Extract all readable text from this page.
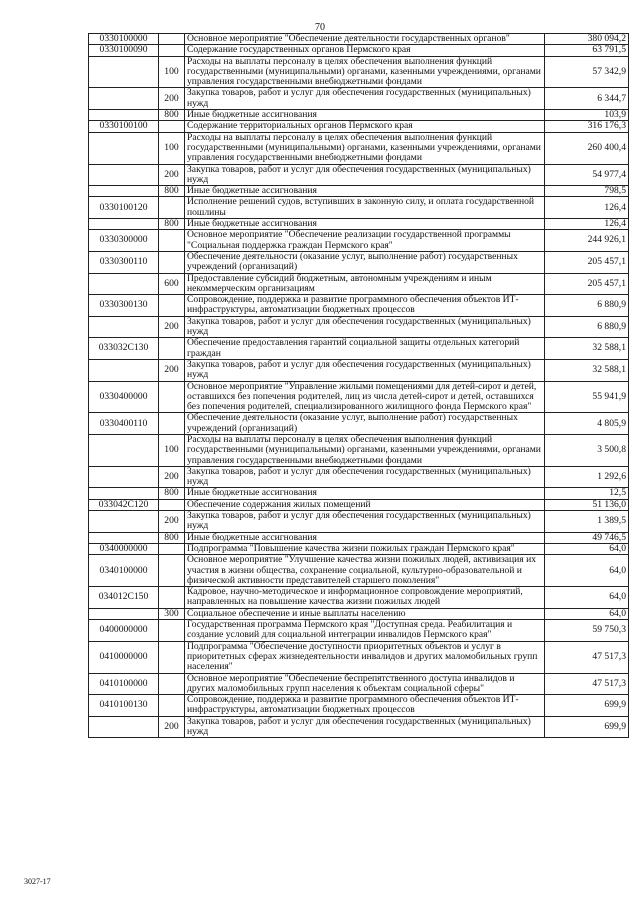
70
0330100000		Основное мероприятие "Обеспечение деятельности государственных органов"	380 094,2
0330100090		Содержание государственных органов Пермского края	63 791,5
	100	Расходы на выплаты персоналу в целях обеспечения выполнения функций государственными (муниципальными) органами, казенными учреждениями, органами управления государственными внебюджетными фондами	57 342,9
	200	Закупка товаров, работ и услуг для обеспечения государственных (муниципальных) нужд	6 344,7
	800	Иные бюджетные ассигнования	103,9
0330100100		Содержание территориальных органов Пермского края	316 176,3
	100	Расходы на выплаты персоналу в целях обеспечения выполнения функций государственными (муниципальными) органами, казенными учреждениями, органами управления государственными внебюджетными фондами	260 400,4
	200	Закупка товаров, работ и услуг для обеспечения государственных (муниципальных) нужд	54 977,4
	800	Иные бюджетные ассигнования	798,5
0330100120		Исполнение решений судов, вступивших в законную силу, и оплата государственной пошлины	126,4
	800	Иные бюджетные ассигнования	126,4
0330300000		Основное мероприятие "Обеспечение реализации государственной программы "Социальная поддержка граждан Пермского края"	244 926,1
0330300110		Обеспечение деятельности (оказание услуг, выполнение работ) государственных учреждений (организаций)	205 457,1
	600	Предоставление субсидий бюджетным, автономным учреждениям и иным некоммерческим организациям	205 457,1
0330300130		Сопровождение, поддержка и развитие программного обеспечения объектов ИТ-инфраструктуры, автоматизации бюджетных процессов	6 880,9
	200	Закупка товаров, работ и услуг для обеспечения государственных (муниципальных) нужд	6 880,9
033032С130		Обеспечение предоставления гарантий социальной защиты отдельных категорий граждан	32 588,1
	200	Закупка товаров, работ и услуг для обеспечения государственных (муниципальных) нужд	32 588,1
0330400000		Основное мероприятие "Управление жилыми помещениями для детей-сирот и детей, оставшихся без попечения родителей, лиц из числа детей-сирот и детей, оставшихся без попечения родителей, специализированного жилищного фонда Пермского края"	55 941,9
0330400110		Обеспечение деятельности (оказание услуг, выполнение работ) государственных учреждений (организаций)	4 805,9
	100	Расходы на выплаты персоналу в целях обеспечения выполнения функций государственными (муниципальными) органами, казенными учреждениями, органами управления государственными внебюджетными фондами	3 500,8
	200	Закупка товаров, работ и услуг для обеспечения государственных (муниципальных) нужд	1 292,6
	800	Иные бюджетные ассигнования	12,5
033042С120		Обеспечение содержания жилых помещений	51 136,0
	200	Закупка товаров, работ и услуг для обеспечения государственных (муниципальных) нужд	1 389,5
	800	Иные бюджетные ассигнования	49 746,5
0340000000		Подпрограмма "Повышение качества жизни пожилых граждан Пермского края"	64,0
0340100000		Основное мероприятие "Улучшение качества жизни пожилых людей, активизация их участия в жизни общества, сохранение социальной, культурно-образовательной и физической активности представителей старшего поколения"	64,0
034012С150		Кадровое, научно-методическое и информационное сопровождение мероприятий, направленных на повышение качества жизни пожилых людей	64,0
	300	Социальное обеспечение и иные выплаты населению	64,0
0400000000		Государственная программа Пермского края "Доступная среда. Реабилитация и создание условий для социальной интеграции инвалидов Пермского края"	59 750,3
0410000000		Подпрограмма "Обеспечение доступности приоритетных объектов и услуг в приоритетных сферах жизнедеятельности инвалидов и других маломобильных групп населения"	47 517,3
0410100000		Основное мероприятие "Обеспечение беспрепятственного доступа инвалидов и других маломобильных групп населения к объектам социальной сферы"	47 517,3
0410100130		Сопровождение, поддержка и развитие программного обеспечения объектов ИТ-инфраструктуры, автоматизации бюджетных процессов	699,9
	200	Закупка товаров, работ и услуг для обеспечения государственных (муниципальных) нужд	699,9
3027-17
